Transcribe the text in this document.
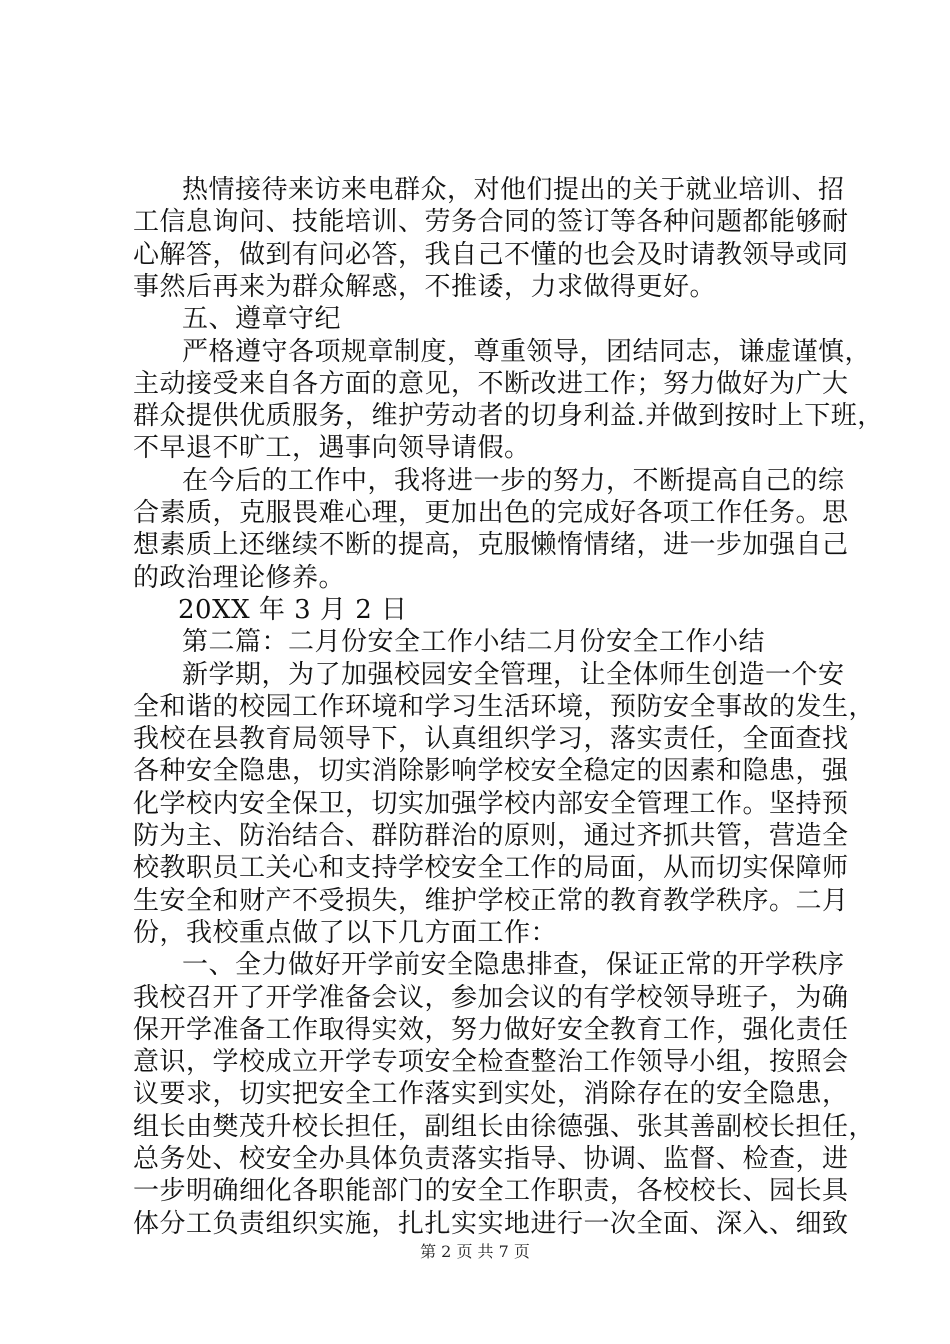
热情接待来访来电群众，对他们提出的关于就业培训、招
工信息询问、技能培训、劳务合同的签订等各种问题都能够耐
心解答，做到有问必答，我自己不懂的也会及时请教领导或同
事然后再来为群众解惑，不推诿，力求做得更好。
五、遵章守纪
严格遵守各项规章制度，尊重领导，团结同志，谦虚谨慎，
主动接受来自各方面的意见，不断改进工作；努力做好为广大
群众提供优质服务，维护劳动者的切身利益.并做到按时上下班，
不早退不旷工，遇事向领导请假。
在今后的工作中，我将进一步的努力，不断提高自己的综
合素质，克服畏难心理，更加出色的完成好各项工作任务。思
想素质上还继续不断的提高，克服懒惰情绪，进一步加强自己
的政治理论修养。
20XX 年 3 月 2 日
第二篇：二月份安全工作小结二月份安全工作小结
新学期，为了加强校园安全管理，让全体师生创造一个安
全和谐的校园工作环境和学习生活环境，预防安全事故的发生，
我校在县教育局领导下，认真组织学习，落实责任，全面查找
各种安全隐患，切实消除影响学校安全稳定的因素和隐患，强
化学校内安全保卫，切实加强学校内部安全管理工作。坚持预
防为主、防治结合、群防群治的原则，通过齐抓共管，营造全
校教职员工关心和支持学校安全工作的局面，从而切实保障师
生安全和财产不受损失，维护学校正常的教育教学秩序。二月
份，我校重点做了以下几方面工作：
一、全力做好开学前安全隐患排查，保证正常的开学秩序
我校召开了开学准备会议，参加会议的有学校领导班子，为确
保开学准备工作取得实效，努力做好安全教育工作，强化责任
意识，学校成立开学专项安全检查整治工作领导小组，按照会
议要求，切实把安全工作落实到实处，消除存在的安全隐患，
组长由樊茂升校长担任，副组长由徐德强、张其善副校长担任，
总务处、校安全办具体负责落实指导、协调、监督、检查，进
一步明确细化各职能部门的安全工作职责，各校校长、园长具
体分工负责组织实施，扎扎实实地进行一次全面、深入、细致
第 2 页 共 7 页
